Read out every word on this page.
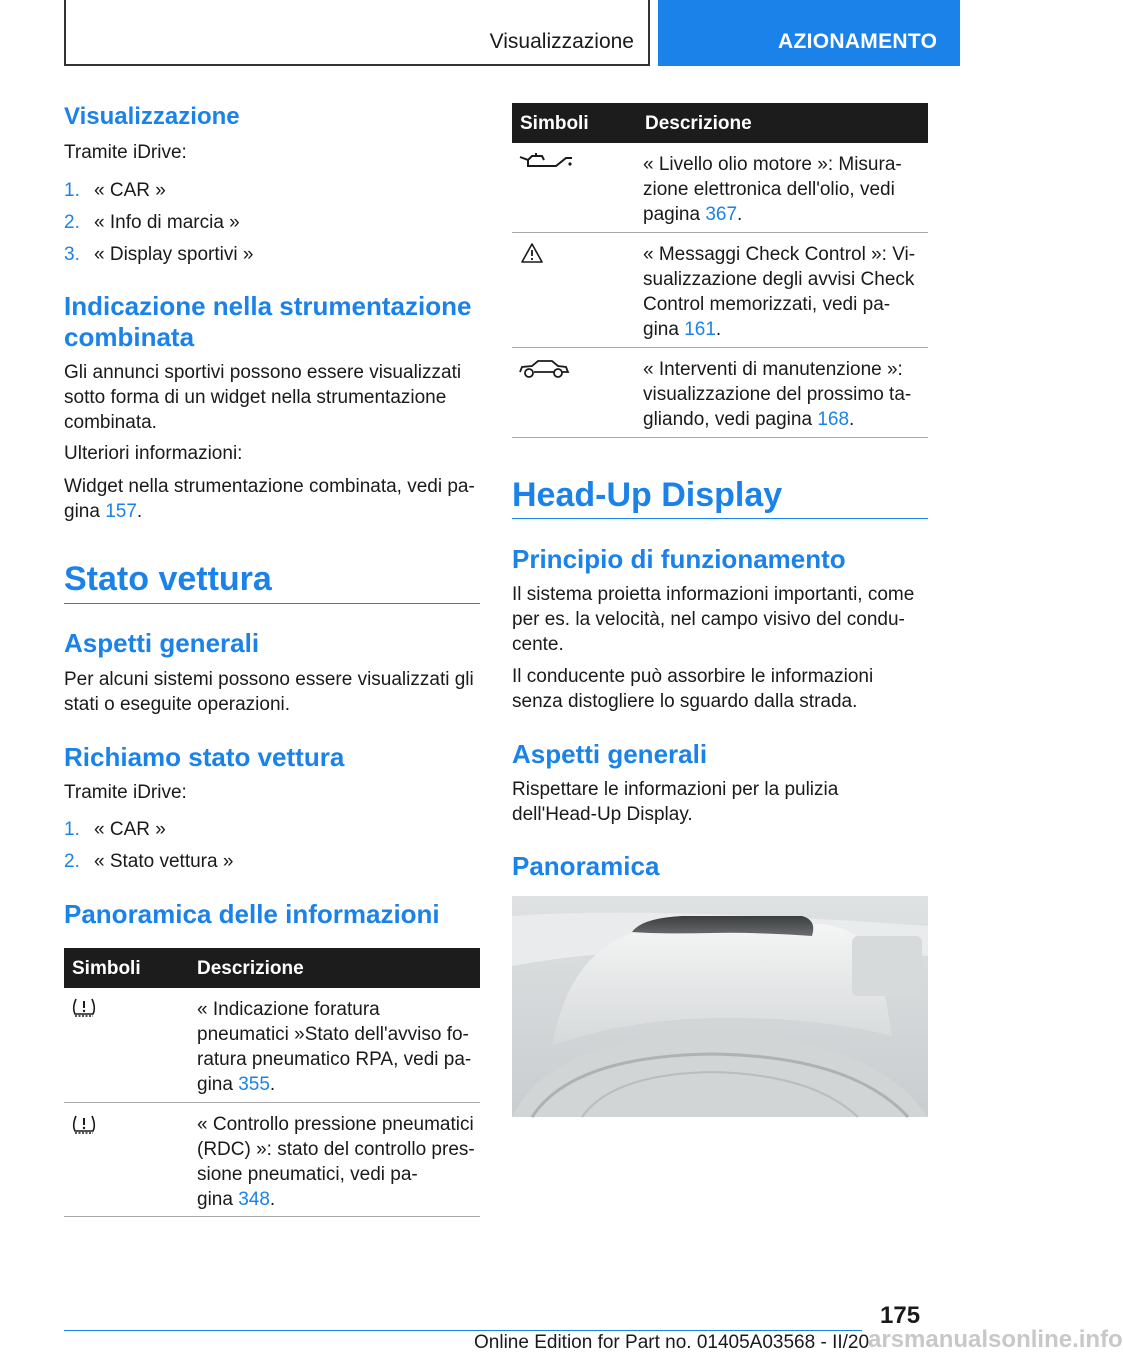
Visualizzazione	AZIONAMENTO
Visualizzazione
Tramite iDrive:
1. « CAR »
2. « Info di marcia »
3. « Display sportivi »
Indicazione nella strumentazione combinata
Gli annunci sportivi possono essere visualizzati sotto forma di un widget nella strumentazione combinata.
Ulteriori informazioni:
Widget nella strumentazione combinata, vedi pa-gina 157.
Stato vettura
Aspetti generali
Per alcuni sistemi possono essere visualizzati gli stati o eseguite operazioni.
Richiamo stato vettura
Tramite iDrive:
1. « CAR »
2. « Stato vettura »
Panoramica delle informazioni
Simboli	Descrizione
« Indicazione foratura
pneumatici »Stato dell'avviso fo-
ratura pneumatico RPA, vedi pa-
gina 355.
« Controllo pressione pneumatici
(RDC) »: stato del controllo pres-
sione pneumatici, vedi pa-
gina 348.
Simboli	Descrizione
« Livello olio motore »: Misura-
zione elettronica dell'olio, vedi
pagina 367.
« Messaggi Check Control »: Vi-
sualizzazione degli avvisi Check
Control memorizzati, vedi pa-
gina 161.
« Interventi di manutenzione »:
visualizzazione del prossimo ta-
gliando, vedi pagina 168.
Head-Up Display
Principio di funzionamento
Il sistema proietta informazioni importanti, come per es. la velocità, nel campo visivo del condu-cente.
Il conducente può assorbire le informazioni senza distogliere lo sguardo dalla strada.
Aspetti generali
Rispettare le informazioni per la pulizia dell'Head-Up Display.
Panoramica
175
Online Edition for Part no. 01405A03568 - II/20
arsmanualsonline.info
